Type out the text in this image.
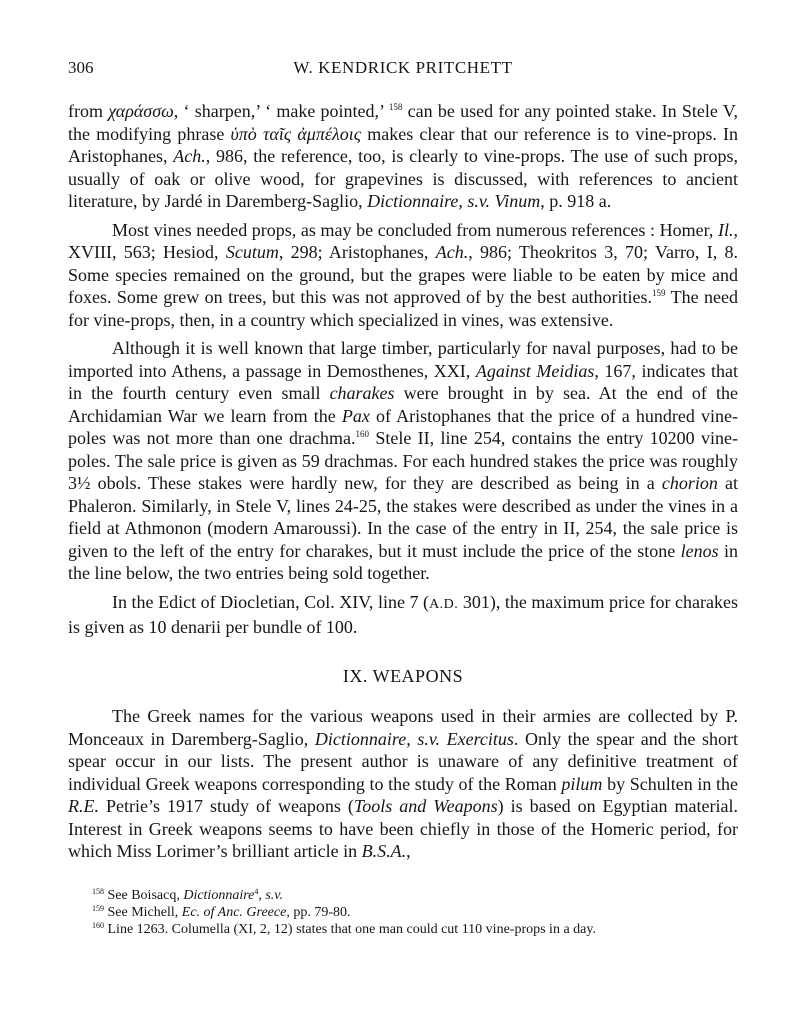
306	W. KENDRICK PRITCHETT

from χαράσσω, ‘ sharpen,’ ‘ make pointed,’ $^{158}$ can be used for any pointed stake. In Stele V, the modifying phrase ὑπὸ ταῖς ἀμπέλοις makes clear that our reference is to vine-props. In Aristophanes, Ach., 986, the reference, too, is clearly to vine-props. The use of such props, usually of oak or olive wood, for grapevines is discussed, with references to ancient literature, by Jardé in Daremberg-Saglio, Dictionnaire, s.v. Vinum, p. 918 a.

Most vines needed props, as may be concluded from numerous references : Homer, Il., XVIII, 563; Hesiod, Scutum, 298; Aristophanes, Ach., 986; Theokritos 3, 70; Varro, I, 8. Some species remained on the ground, but the grapes were liable to be eaten by mice and foxes. Some grew on trees, but this was not approved of by the best authorities.$^{159}$ The need for vine-props, then, in a country which specialized in vines, was extensive.

Although it is well known that large timber, particularly for naval purposes, had to be imported into Athens, a passage in Demosthenes, XXI, Against Meidias, 167, indicates that in the fourth century even small charakes were brought in by sea. At the end of the Archidamian War we learn from the Pax of Aristophanes that the price of a hundred vine-poles was not more than one drachma.$^{160}$ Stele II, line 254, contains the entry 10200 vine-poles. The sale price is given as 59 drachmas. For each hundred stakes the price was roughly 3½ obols. These stakes were hardly new, for they are described as being in a chorion at Phaleron. Similarly, in Stele V, lines 24-25, the stakes were described as under the vines in a field at Athmonon (modern Amaroussi). In the case of the entry in II, 254, the sale price is given to the left of the entry for charakes, but it must include the price of the stone lenos in the line below, the two entries being sold together.

In the Edict of Diocletian, Col. XIV, line 7 (A.D. 301), the maximum price for charakes is given as 10 denarii per bundle of 100.

IX. WEAPONS

The Greek names for the various weapons used in their armies are collected by P. Monceaux in Daremberg-Saglio, Dictionnaire, s.v. Exercitus. Only the spear and the short spear occur in our lists. The present author is unaware of any definitive treatment of individual Greek weapons corresponding to the study of the Roman pilum by Schulten in the R.E. Petrie’s 1917 study of weapons (Tools and Weapons) is based on Egyptian material. Interest in Greek weapons seems to have been chiefly in those of the Homeric period, for which Miss Lorimer’s brilliant article in B.S.A.,

$^{158}$ See Boisacq, Dictionnaire$^4$, s.v.

$^{159}$ See Michell, Ec. of Anc. Greece, pp. 79-80.

$^{160}$ Line 1263. Columella (XI, 2, 12) states that one man could cut 110 vine-props in a day.
